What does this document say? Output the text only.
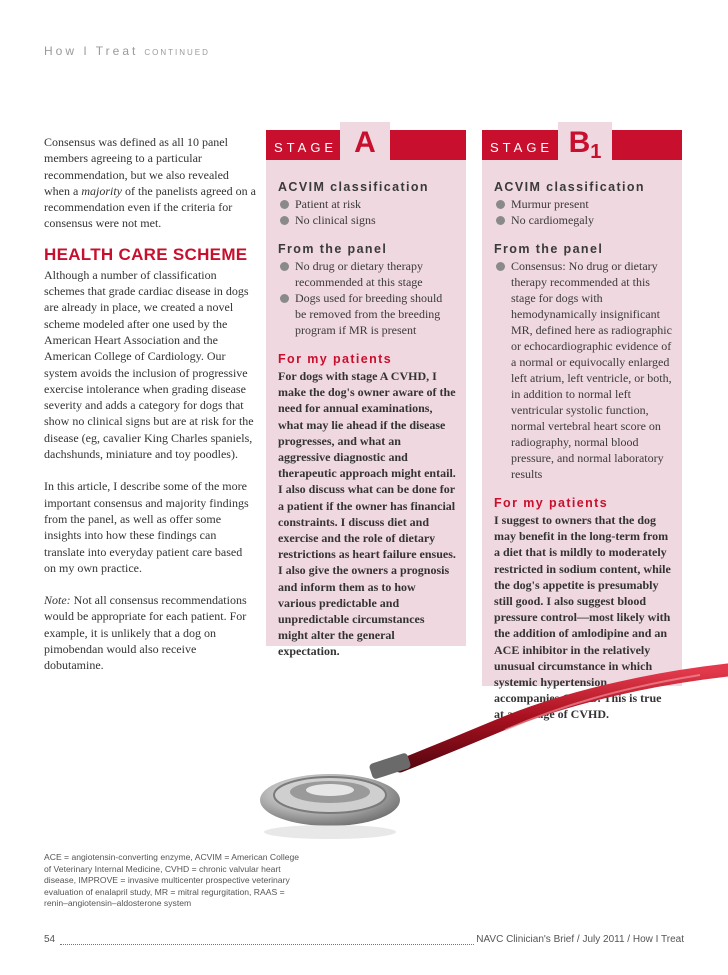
How I Treat CONTINUED

Consensus was defined as all 10 panel members agreeing to a particular recommendation, but we also revealed when a majority of the panelists agreed on a recommendation even if the criteria for consensus were not met.

HEALTH CARE SCHEME

Although a number of classification schemes that grade cardiac disease in dogs are already in place, we created a novel scheme modeled after one used by the American Heart Association and the American College of Cardiology. Our system avoids the inclusion of progressive exercise intolerance when grading disease severity and adds a category for dogs that show no clinical signs but are at risk for the disease (eg, cavalier King Charles spaniels, dachshunds, miniature and toy poodles).

In this article, I describe some of the more important consensus and majority findings from the panel, as well as offer some insights into how these findings can translate into everyday patient care based on my own practice.

Note: Not all consensus recommendations would be appropriate for each patient. For example, it is unlikely that a dog on pimobendan would also receive dobutamine.

STAGE A
ACVIM classification
Patient at risk
No clinical signs
From the panel
No drug or dietary therapy recommended at this stage
Dogs used for breeding should be removed from the breeding program if MR is present
For my patients

For dogs with stage A CVHD, I make the dog's owner aware of the need for annual examinations, what may lie ahead if the disease progresses, and what an aggressive diagnostic and therapeutic approach might entail. I also discuss what can be done for a patient if the owner has financial constraints. I discuss diet and exercise and the role of dietary restrictions as heart failure ensues. I also give the owners a prognosis and inform them as to how various predictable and unpredictable circumstances might alter the general expectation.

STAGE $B_1$
ACVIM classification
Murmur present
No cardiomegaly
From the panel
Consensus: No drug or dietary therapy recommended at this stage for dogs with hemodynamically insignificant MR, defined here as radiographic or echocardiographic evidence of a normal or equivocally enlarged left atrium, left ventricle, or both, in addition to normal left ventricular systolic function, normal vertebral heart score on radiography, normal blood pressure, and normal laboratory results
For my patients

I suggest to owners that the dog may benefit in the long-term from a diet that is mildly to moderately restricted in sodium content, while the dog's appetite is presumably still good. I also suggest blood pressure control—most likely with the addition of amlodipine and an ACE inhibitor in the relatively unusual circumstance in which systemic hypertension accompanies CVHD. This is true at any stage of CVHD.

ACE = angiotensin-converting enzyme, ACVIM = American College of Veterinary Internal Medicine, CVHD = chronic valvular heart disease, IMPROVE = invasive multicenter prospective veterinary evaluation of enalapril study, MR = mitral regurgitation, RAAS = renin–angiotensin–aldosterone system
54	NAVC Clinician's Brief / July 2011 / How I Treat
